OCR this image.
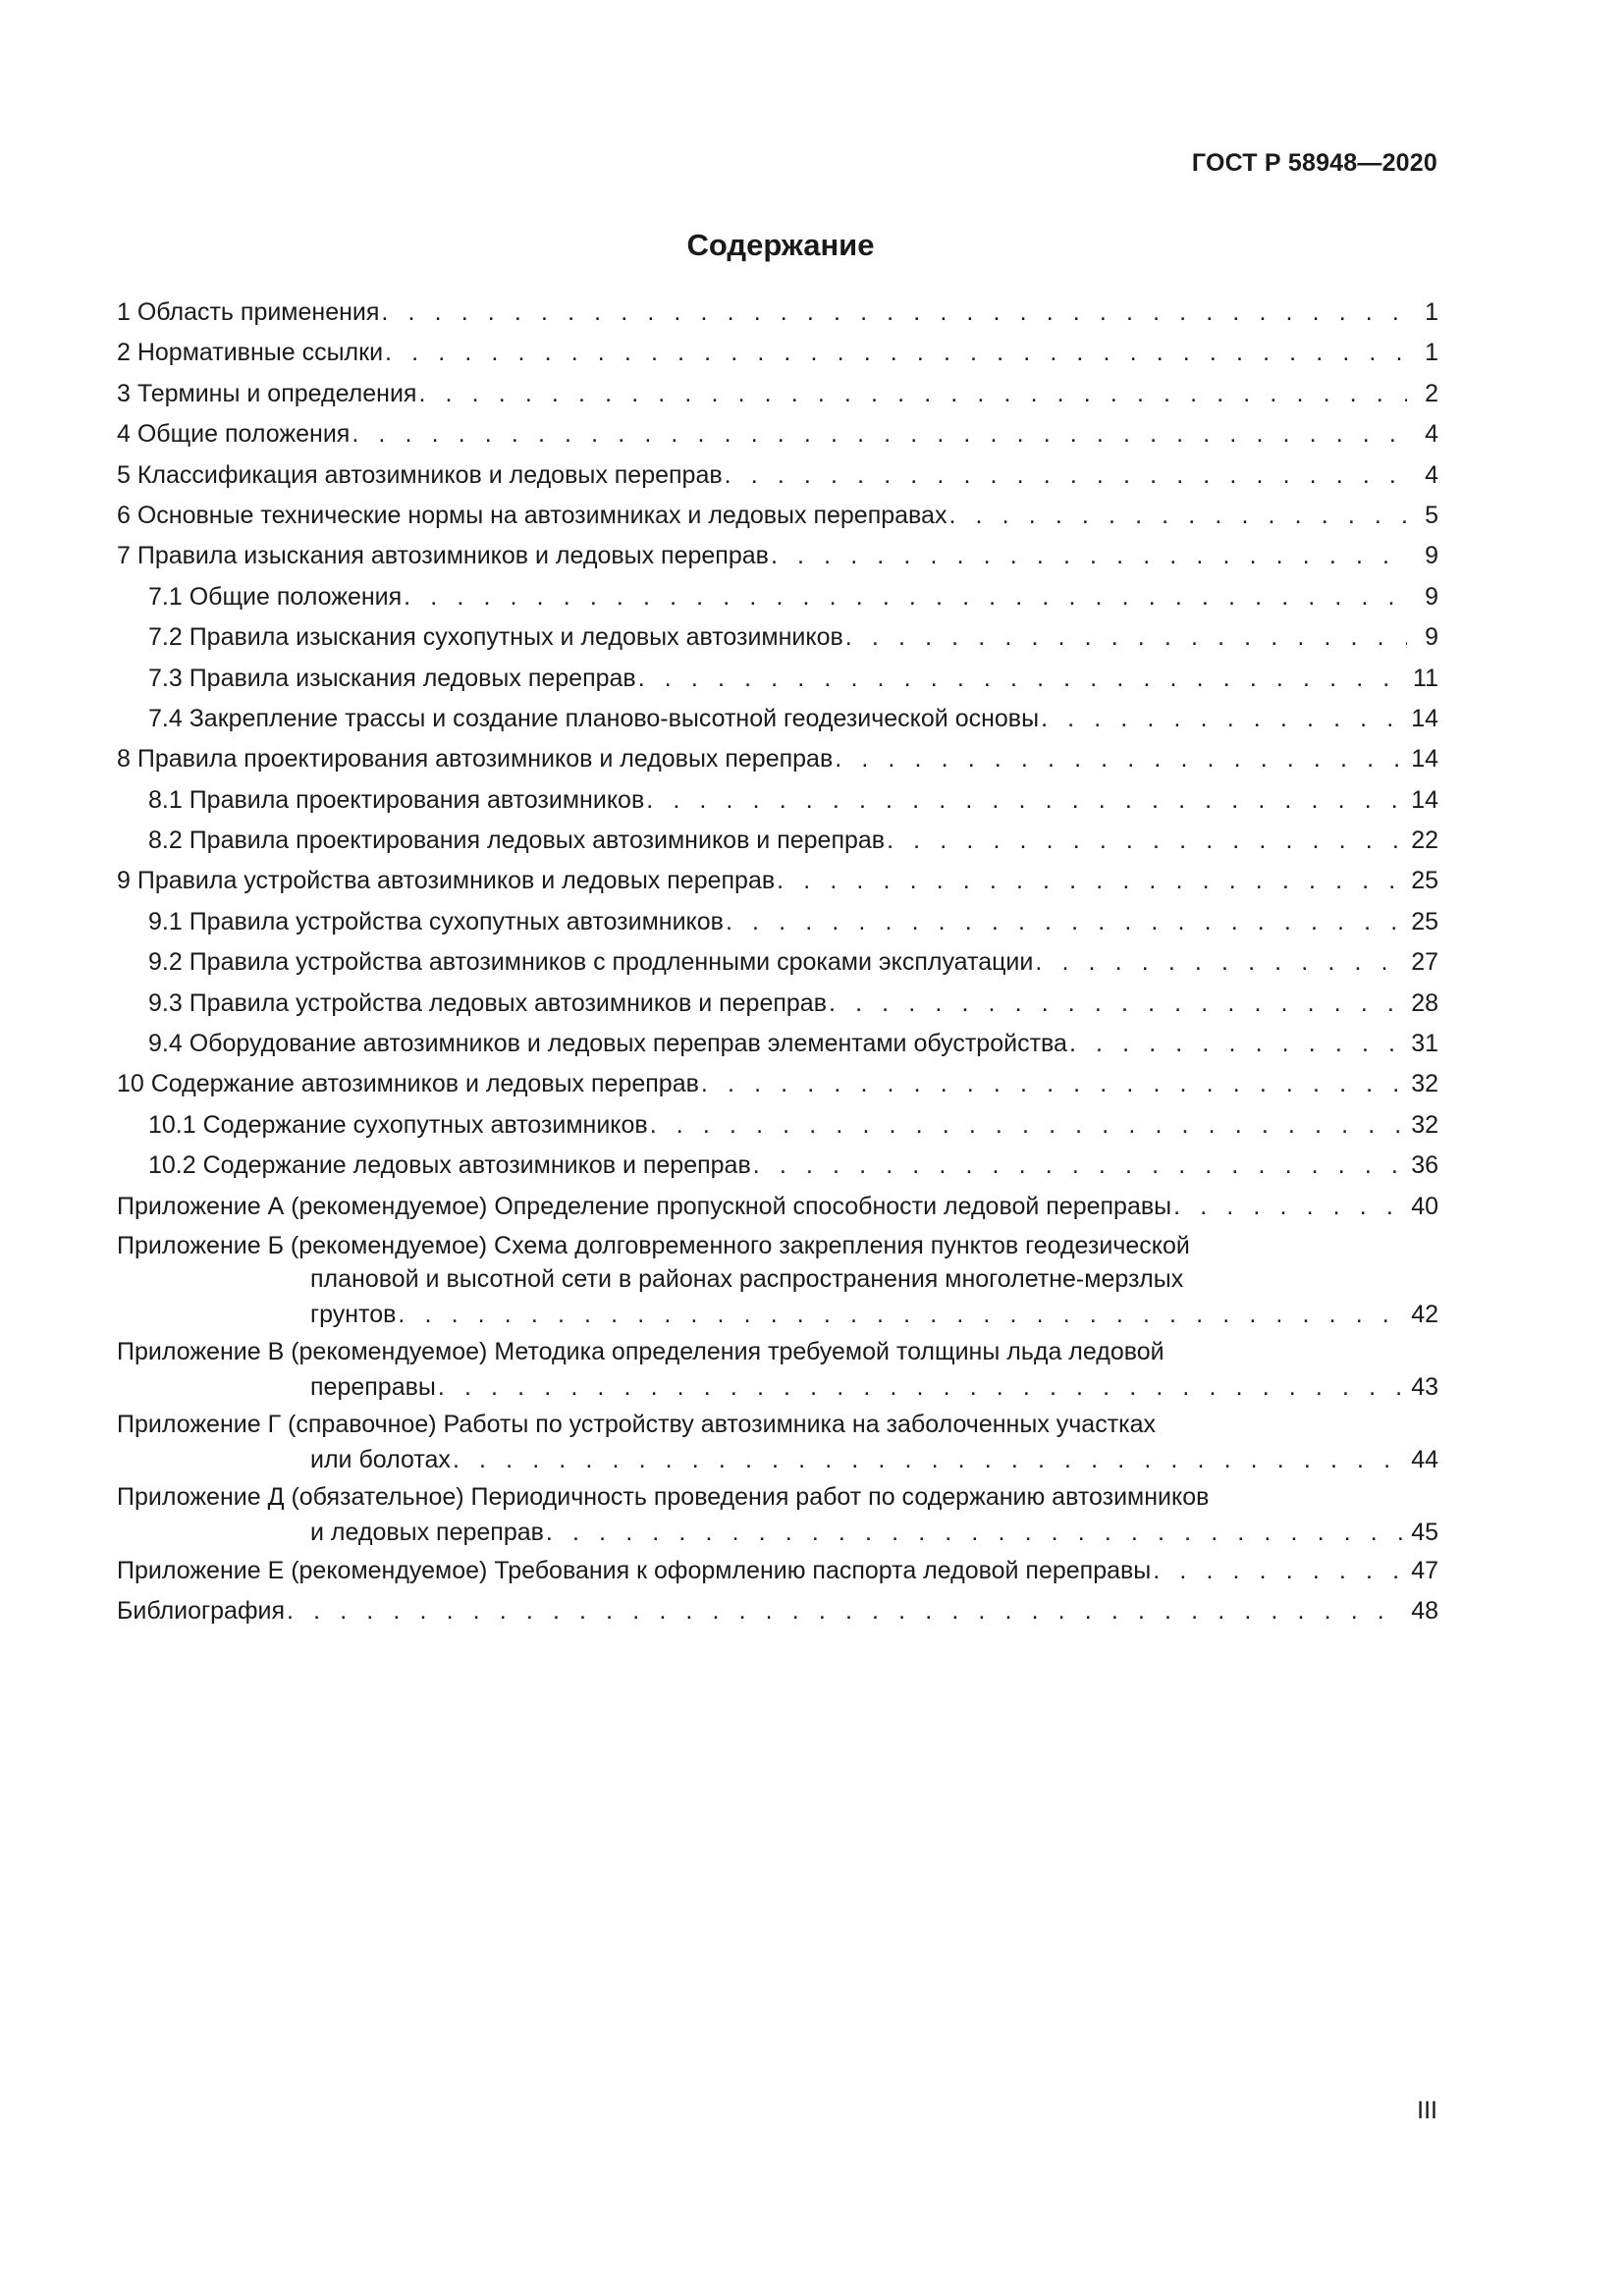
ГОСТ Р 58948—2020
Содержание
1 Область применения . . .	1
2 Нормативные ссылки . . .	1
3 Термины и определения . . .	2
4 Общие положения . . .	4
5 Классификация автозимников и ледовых переправ . . .	4
6 Основные технические нормы на автозимниках и ледовых переправах . . .	5
7 Правила изыскания автозимников и ледовых переправ . . .	9
7.1 Общие положения . . .	9
7.2 Правила изыскания сухопутных и ледовых автозимников . . .	9
7.3 Правила изыскания ледовых переправ . . .	11
7.4 Закрепление трассы и создание планово-высотной геодезической основы . . .	14
8 Правила проектирования автозимников и ледовых переправ . . .	14
8.1 Правила проектирования автозимников . . .	14
8.2 Правила проектирования ледовых автозимников и переправ . . .	22
9 Правила устройства автозимников и ледовых переправ . . .	25
9.1 Правила устройства сухопутных автозимников . . .	25
9.2 Правила устройства автозимников с продленными сроками эксплуатации . . .	27
9.3 Правила устройства ледовых автозимников и переправ . . .	28
9.4 Оборудование автозимников и ледовых переправ элементами обустройства . . .	31
10 Содержание автозимников и ледовых переправ . . .	32
10.1 Содержание сухопутных автозимников . . .	32
10.2 Содержание ледовых автозимников и переправ . . .	36
Приложение А (рекомендуемое) Определение пропускной способности ледовой переправы . . .	40
Приложение Б (рекомендуемое) Схема долговременного закрепления пунктов геодезической
плановой и высотной сети в районах распространения многолетне-мерзлых
грунтов . . .	42
Приложение В (рекомендуемое) Методика определения требуемой толщины льда ледовой
переправы . . .	43
Приложение Г (справочное) Работы по устройству автозимника на заболоченных участках
или болотах . . .	44
Приложение Д (обязательное) Периодичность проведения работ по содержанию автозимников
и ледовых переправ . . .	45
Приложение Е (рекомендуемое) Требования к оформлению паспорта ледовой переправы . . .	47
Библиография . . .	48
III
